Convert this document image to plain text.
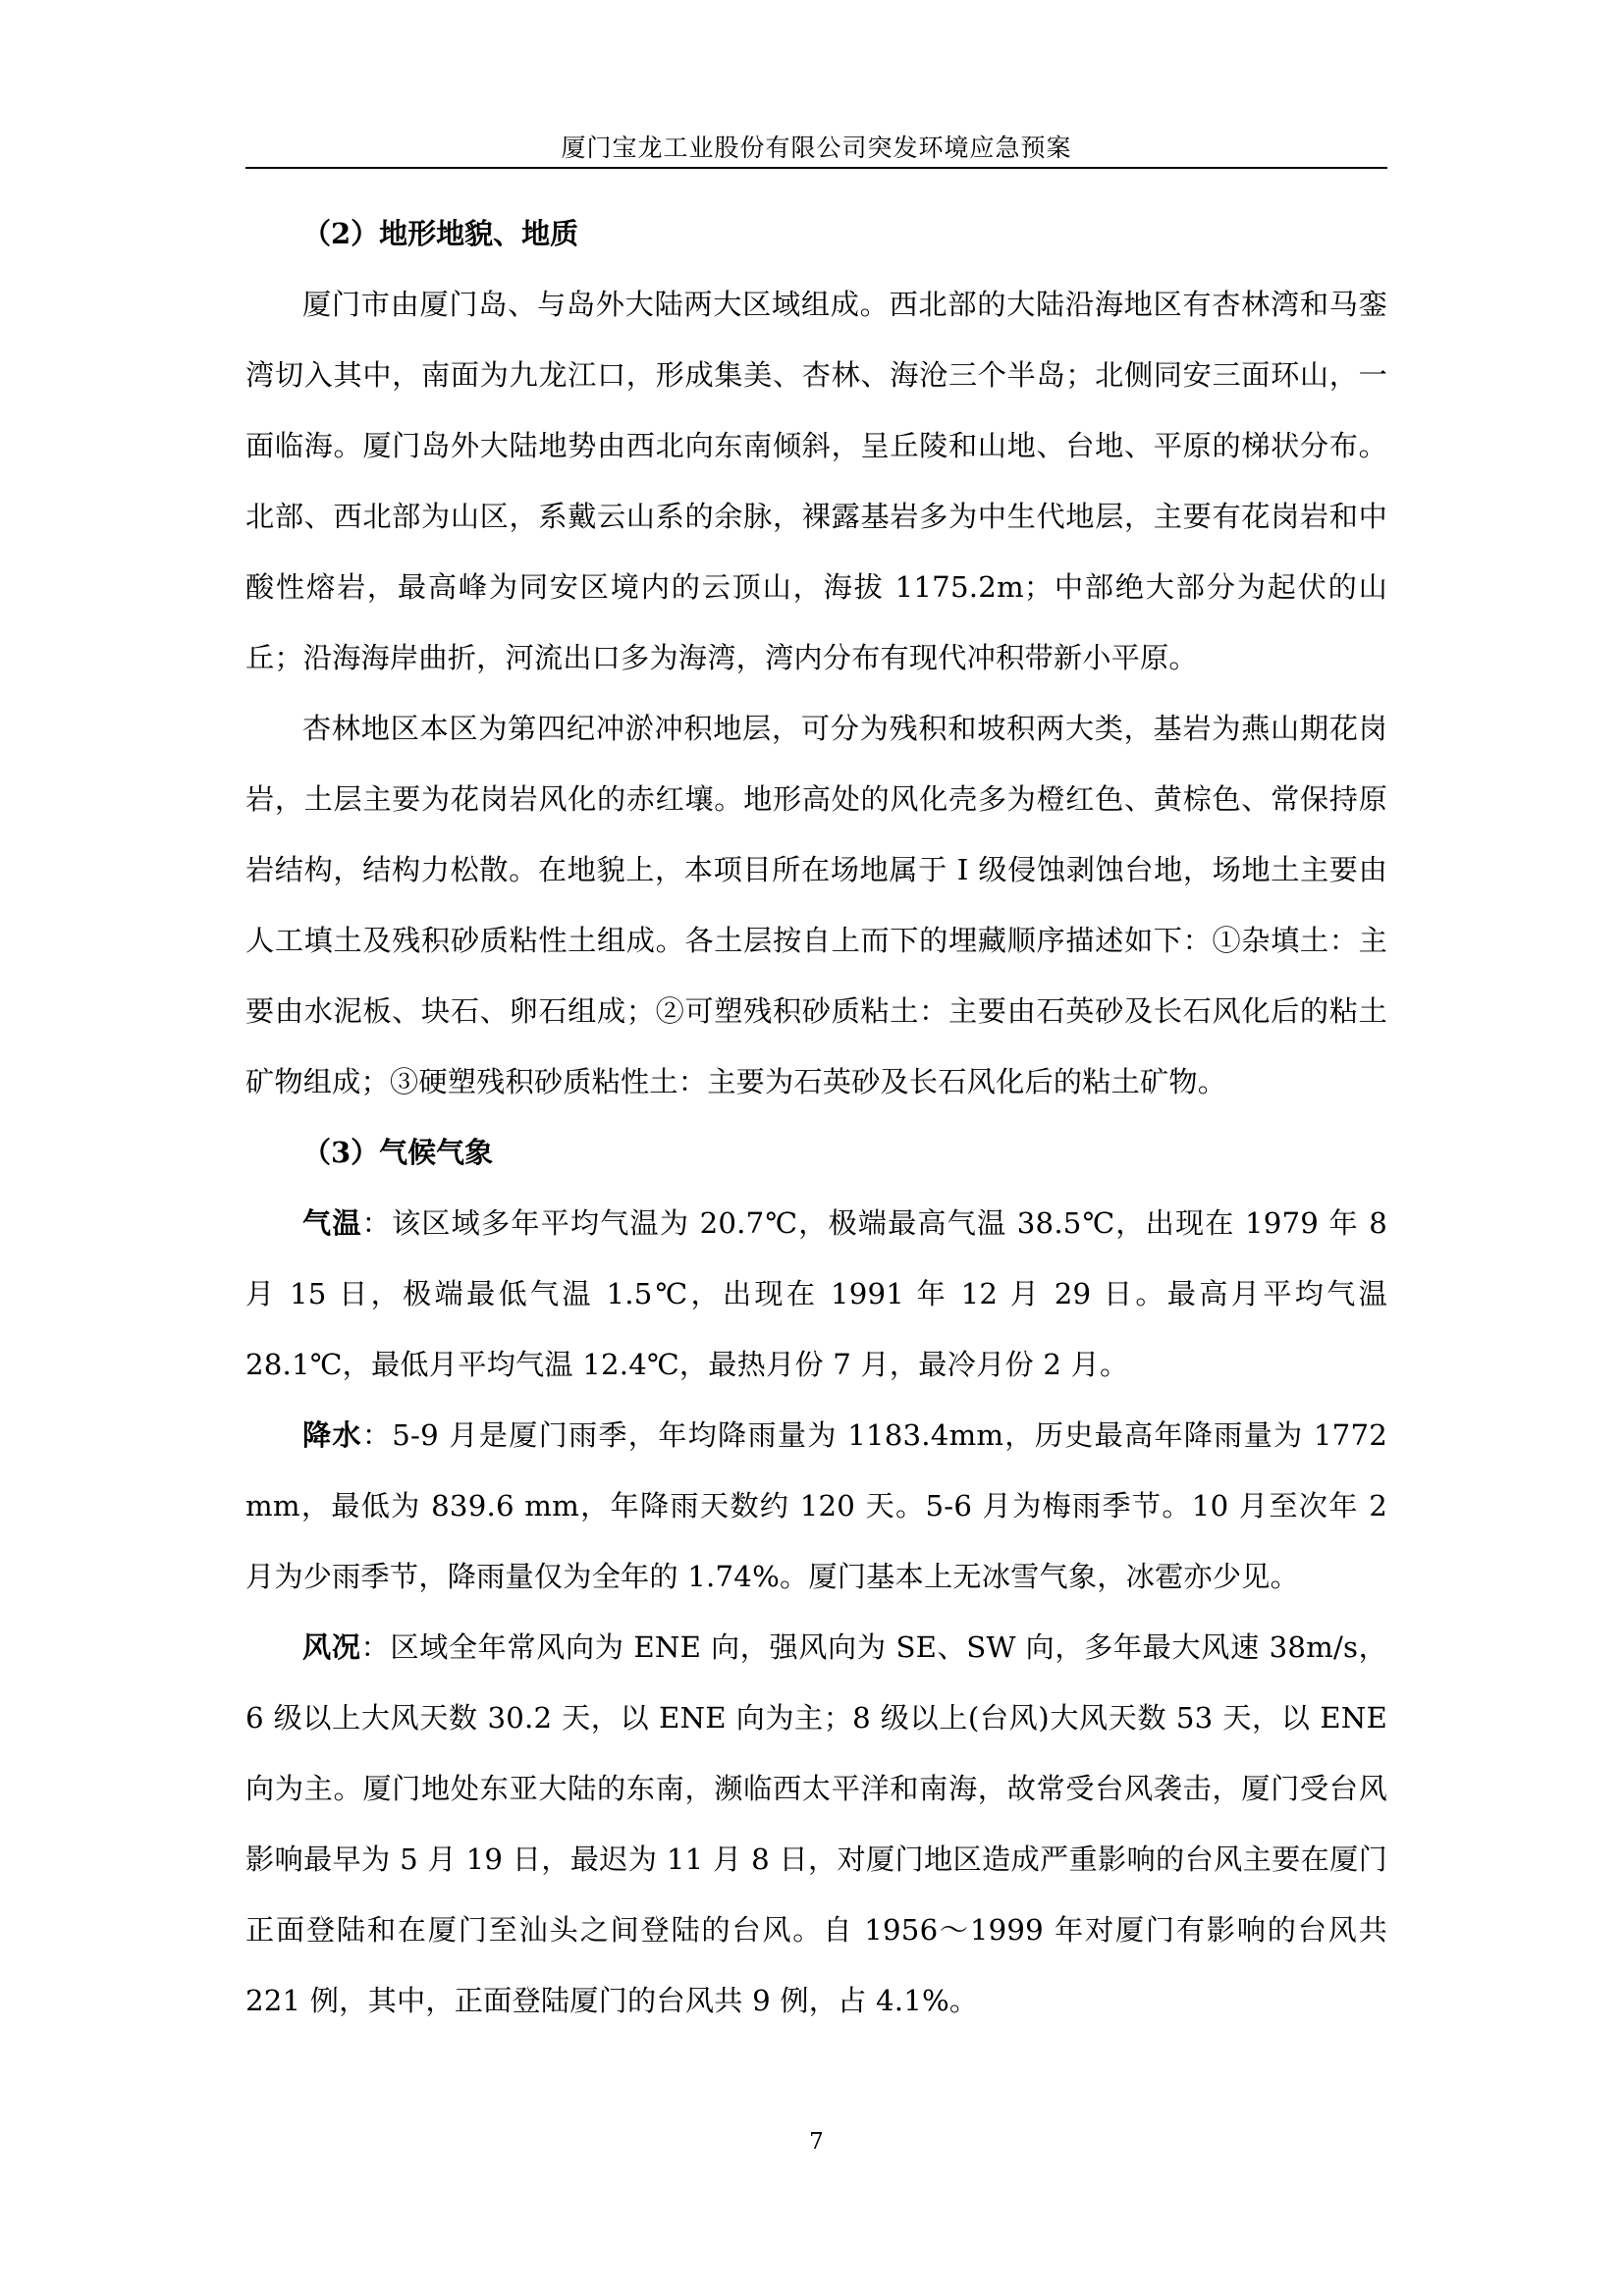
厦门宝龙工业股份有限公司突发环境应急预案
（2）地形地貌、地质

厦门市由厦门岛、与岛外大陆两大区域组成。西北部的大陆沿海地区有杏林湾和马銮湾切入其中，南面为九龙江口，形成集美、杏林、海沧三个半岛；北侧同安三面环山，一面临海。厦门岛外大陆地势由西北向东南倾斜，呈丘陵和山地、台地、平原的梯状分布。北部、西北部为山区，系戴云山系的余脉，裸露基岩多为中生代地层，主要有花岗岩和中酸性熔岩，最高峰为同安区境内的云顶山，海拔 1175.2m；中部绝大部分为起伏的山丘；沿海海岸曲折，河流出口多为海湾，湾内分布有现代冲积带新小平原。

杏林地区本区为第四纪冲淤冲积地层，可分为残积和坡积两大类，基岩为燕山期花岗岩，土层主要为花岗岩风化的赤红壤。地形高处的风化壳多为橙红色、黄棕色、常保持原岩结构，结构力松散。在地貌上，本项目所在场地属于 I 级侵蚀剥蚀台地，场地土主要由人工填土及残积砂质粘性土组成。各土层按自上而下的埋藏顺序描述如下：①杂填土：主要由水泥板、块石、卵石组成；②可塑残积砂质粘土：主要由石英砂及长石风化后的粘土矿物组成；③硬塑残积砂质粘性土：主要为石英砂及长石风化后的粘土矿物。

（3）气候气象

气温：该区域多年平均气温为 20.7℃，极端最高气温 38.5℃，出现在 1979 年 8 月 15 日，极端最低气温 1.5℃，出现在 1991 年 12 月 29 日。最高月平均气温 28.1℃，最低月平均气温 12.4℃，最热月份 7 月，最冷月份 2 月。

降水：5-9 月是厦门雨季，年均降雨量为 1183.4mm，历史最高年降雨量为 1772 mm，最低为 839.6 mm，年降雨天数约 120 天。5-6 月为梅雨季节。10 月至次年 2 月为少雨季节，降雨量仅为全年的 1.74%。厦门基本上无冰雪气象，冰雹亦少见。

风况：区域全年常风向为 ENE 向，强风向为 SE、SW 向，多年最大风速 38m/s，6 级以上大风天数 30.2 天，以 ENE 向为主；8 级以上(台风)大风天数 53 天，以 ENE 向为主。厦门地处东亚大陆的东南，濒临西太平洋和南海，故常受台风袭击，厦门受台风影响最早为 5 月 19 日，最迟为 11 月 8 日，对厦门地区造成严重影响的台风主要在厦门正面登陆和在厦门至汕头之间登陆的台风。自 1956～1999 年对厦门有影响的台风共 221 例，其中，正面登陆厦门的台风共 9 例，占 4.1%。

7
